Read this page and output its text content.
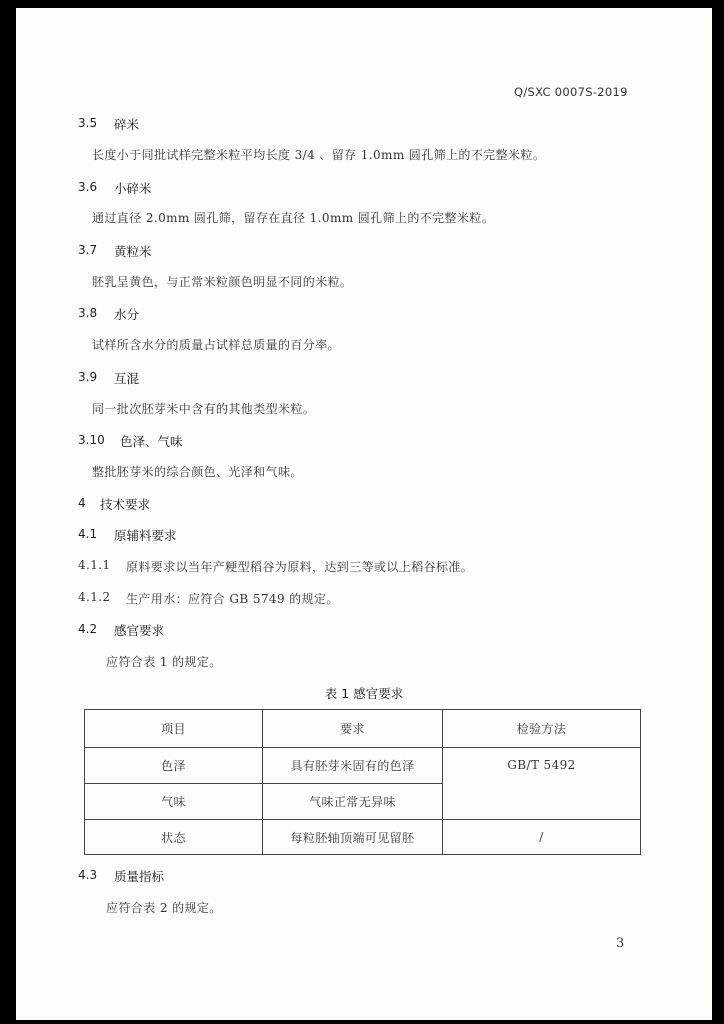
Q/SXC 0007S-2019
3.5 碎米
长度小于同批试样完整米粒平均长度 3/4 、留存 1.0mm 圆孔筛上的不完整米粒。
3.6 小碎米
通过直径 2.0mm 圆孔筛，留存在直径 1.0mm 圆孔筛上的不完整米粒。
3.7 黄粒米
胚乳呈黄色，与正常米粒颜色明显不同的米粒。
3.8 水分
试样所含水分的质量占试样总质量的百分率。
3.9 互混
同一批次胚芽米中含有的其他类型米粒。
3.10 色泽、气味
整批胚芽米的综合颜色、光泽和气味。
4 技术要求
4.1 原辅料要求
4.1.1 原料要求以当年产粳型稻谷为原料，达到三等或以上稻谷标准。
4.1.2 生产用水：应符合 GB 5749 的规定。
4.2 感官要求
应符合表 1 的规定。
表 1 感官要求
项目	要求	检验方法
色泽	具有胚芽米固有的色泽	GB/T 5492
气味	气味正常无异味	
状态	每粒胚轴顶端可见留胚	/
4.3 质量指标
应符合表 2 的规定。
3
